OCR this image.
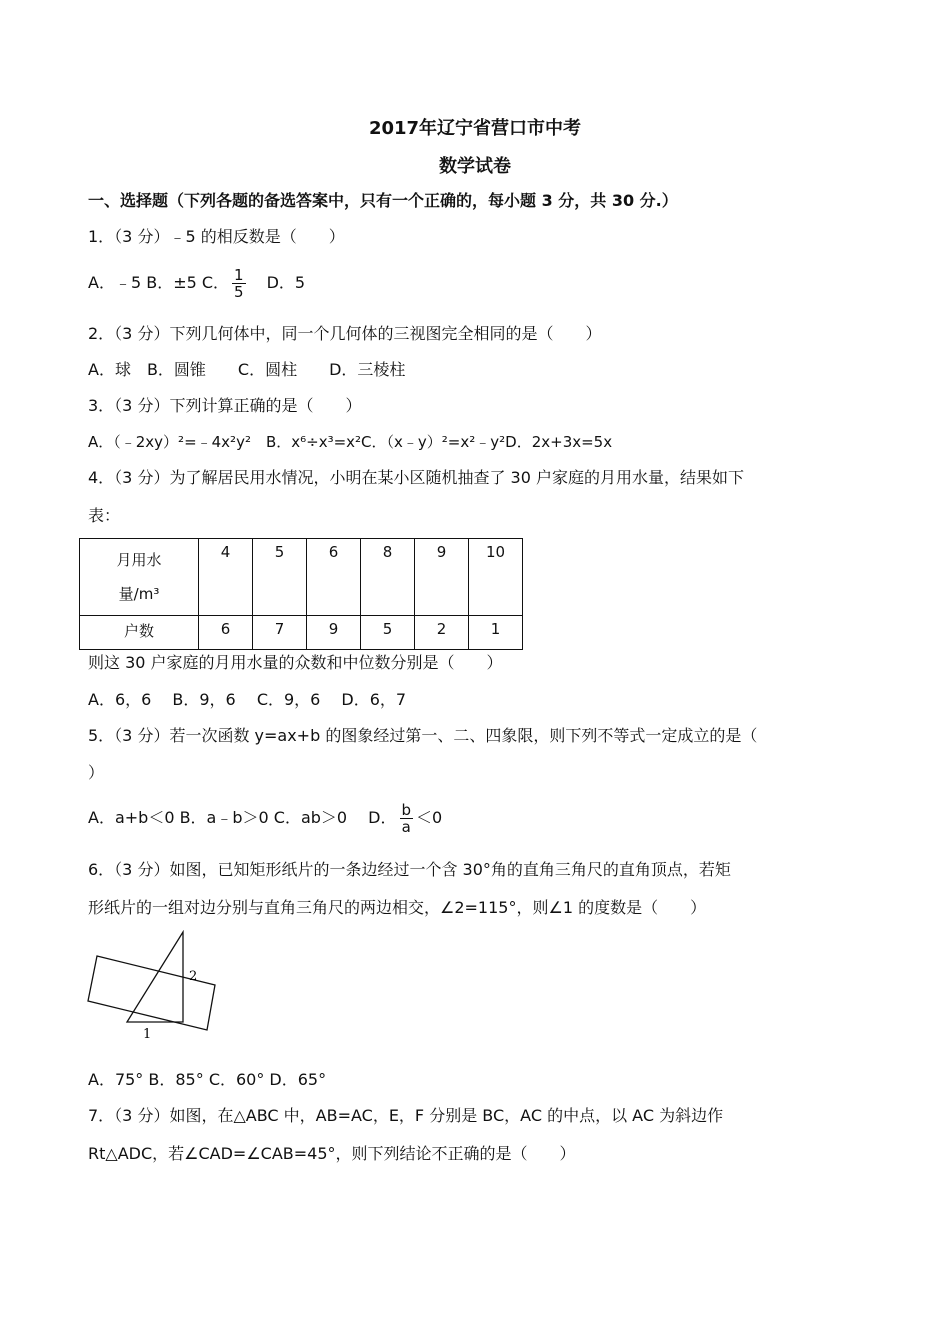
2017年辽宁省营口市中考
数学试卷
一、选择题（下列各题的备选答案中，只有一个正确的，每小题 3 分，共 30 分.）
1．（3 分）﹣5 的相反数是（　　）
A．﹣5 B．±5 C． $\frac{1}{5}$ D．5
2．（3 分）下列几何体中，同一个几何体的三视图完全相同的是（　　）
A．球　B．圆锥　　C．圆柱　　D．三棱柱
3．（3 分）下列计算正确的是（　　）
A．（﹣2xy）²=﹣4x²y²　B．x⁶÷x³=x²C．（x﹣y）²=x²﹣y²D．2x+3x=5x
4．（3 分）为了解居民用水情况，小明在某小区随机抽查了 30 户家庭的月用水量，结果如下
表：
月用水
量/m³	4	5	6	8	9	10
户数	6	7	9	5	2	1
则这 30 户家庭的月用水量的众数和中位数分别是（　　）
A．6，6　 B．9，6　 C．9，6　 D．6，7
5．（3 分）若一次函数 y=ax+b 的图象经过第一、二、四象限，则下列不等式一定成立的是（
）
A．a+b＜0 B．a﹣b＞0 C．ab＞0　 D． $\frac{b}{a} <0$
6．（3 分）如图，已知矩形纸片的一条边经过一个含 30°角的直角三角尺的直角顶点，若矩
形纸片的一组对边分别与直角三角尺的两边相交，∠2=115°，则∠1 的度数是（　　）
1
2
A．75° B．85° C．60° D．65°
7．（3 分）如图，在△ABC 中，AB=AC，E，F 分别是 BC，AC 的中点，以 AC 为斜边作
Rt△ADC，若∠CAD=∠CAB=45°，则下列结论不正确的是（　　）
